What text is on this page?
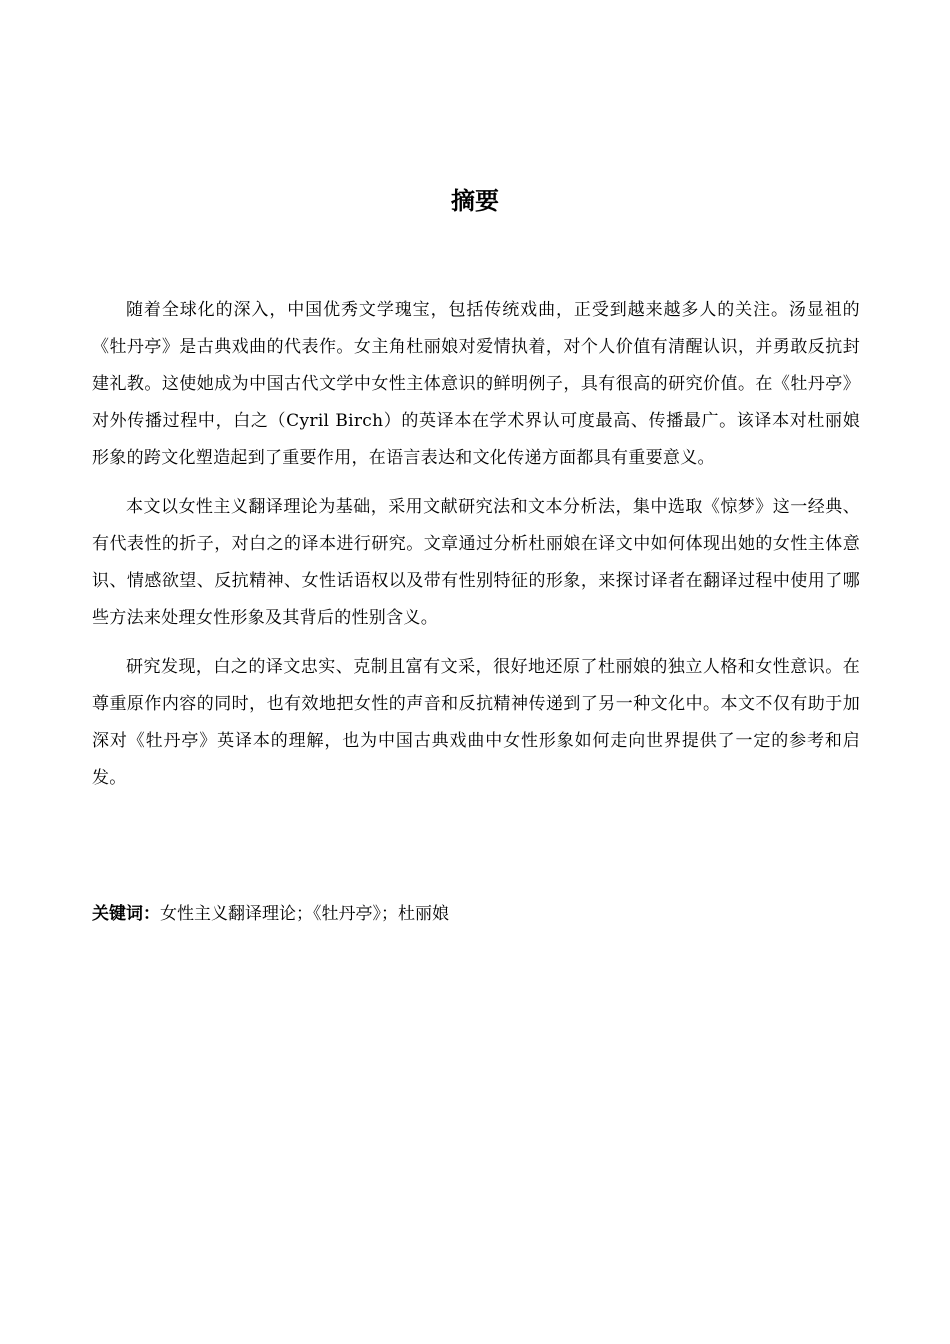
摘要

随着全球化的深入，中国优秀文学瑰宝，包括传统戏曲，正受到越来越多人的关注。汤显祖的《牡丹亭》是古典戏曲的代表作。女主角杜丽娘对爱情执着，对个人价值有清醒认识，并勇敢反抗封建礼教。这使她成为中国古代文学中女性主体意识的鲜明例子，具有很高的研究价值。在《牡丹亭》对外传播过程中，白之（Cyril Birch）的英译本在学术界认可度最高、传播最广。该译本对杜丽娘形象的跨文化塑造起到了重要作用，在语言表达和文化传递方面都具有重要意义。

本文以女性主义翻译理论为基础，采用文献研究法和文本分析法，集中选取《惊梦》这一经典、有代表性的折子，对白之的译本进行研究。文章通过分析杜丽娘在译文中如何体现出她的女性主体意识、情感欲望、反抗精神、女性话语权以及带有性别特征的形象，来探讨译者在翻译过程中使用了哪些方法来处理女性形象及其背后的性别含义。

研究发现，白之的译文忠实、克制且富有文采，很好地还原了杜丽娘的独立人格和女性意识。在尊重原作内容的同时，也有效地把女性的声音和反抗精神传递到了另一种文化中。本文不仅有助于加深对《牡丹亭》英译本的理解，也为中国古典戏曲中女性形象如何走向世界提供了一定的参考和启发。

关键词：女性主义翻译理论；《牡丹亭》；杜丽娘
